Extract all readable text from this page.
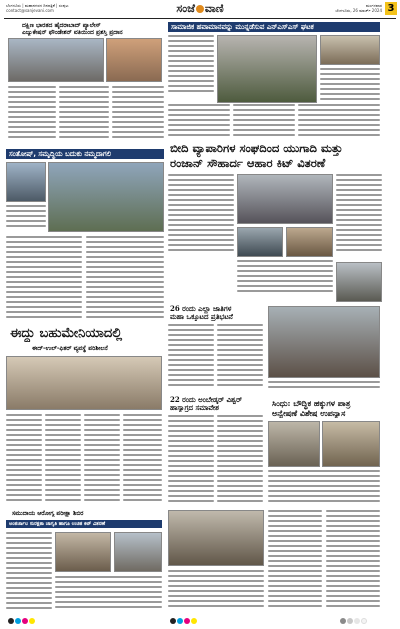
ಬೆಂಗಳೂರು | ಮಹಾನಗರದ ದಿನಪತ್ರಿಕೆ | ಸಂಪುಟ
contact@sanjevani.com	ಸಂಜೆ ವಾಣಿ	ಮಂಗಳವಾರ
ಬೆಂಗಳೂರು, 26 ಮಾರ್ಚ್ 2024 3
ದಕ್ಷಿಣ ಭಾರತದ ಹೈದರಾಬಾದ್ ಪ್ಯಾಲೇಸ್
ಎಜ್ಯುಕೇಷನ್ ಫೌಂಡೇಶನ್ ವತಿಯಿಂದ ಪ್ರಶಸ್ತಿ ಪ್ರದಾನ
ಸಂತೋಷ್, ಸಮೃದ್ಧಿಯ ಬದುಕು ನಮ್ಮದಾಗಲಿ
ಈದ್ದು ಬಹುಮೇನಿಯಾದಲ್ಲಿ
ಈದ್-ಉಲ್-ಫಿತರ್ ವ್ಯವಸ್ಥೆ ಪರಿಶೀಲನೆ
ಸಮುದಾಯ ಆರೋಗ್ಯ ಪರೀಕ್ಷಾ ಶಿಬಿರ
ಅಂತರ್ಜಾಲ ಸುರಕ್ಷತಾ ಜಾಗೃತಿ ಹಾಗೂ ಉಚಿತ ಕಿಟ್ ವಿತರಣೆ
ಸಾಮಾಜಿಕ ಹವಾಮಾನವನ್ನು ಮುನ್ನಡೆಸುವ ಎನ್ಎಸ್ಎಸ್ ಘಟಕ
ಬೀದಿ ವ್ಯಾಪಾರಿಗಳ ಸಂಘದಿಂದ ಯುಗಾದಿ ಮತ್ತು
ರಂಜಾನ್ ಸೌಹಾರ್ದ ಆಹಾರ ಕಿಟ್ ವಿತರಣೆ
26 ರಂದು ಎಲ್ಲಾ ಜಾತಿಗಳ
ಮಹಾ ಒಕ್ಕೂಟದ ಪ್ರತಿಭಟನೆ
22 ರಂದು ಅಂಬೇಡ್ಕರ್ ವಿಶ್ವರ್
ಹಾಸ್ಯಾಗ್ರದ ಸಮಾವೇಶ	ಸಿಂಧು: ಬೌದ್ಧಿಕ ಹಕ್ಕುಗಳ ಪಾತ್ರ
ಅನ್ವೇಷಣೆ ವಿಶೇಷ ಉಪನ್ಯಾಸ
